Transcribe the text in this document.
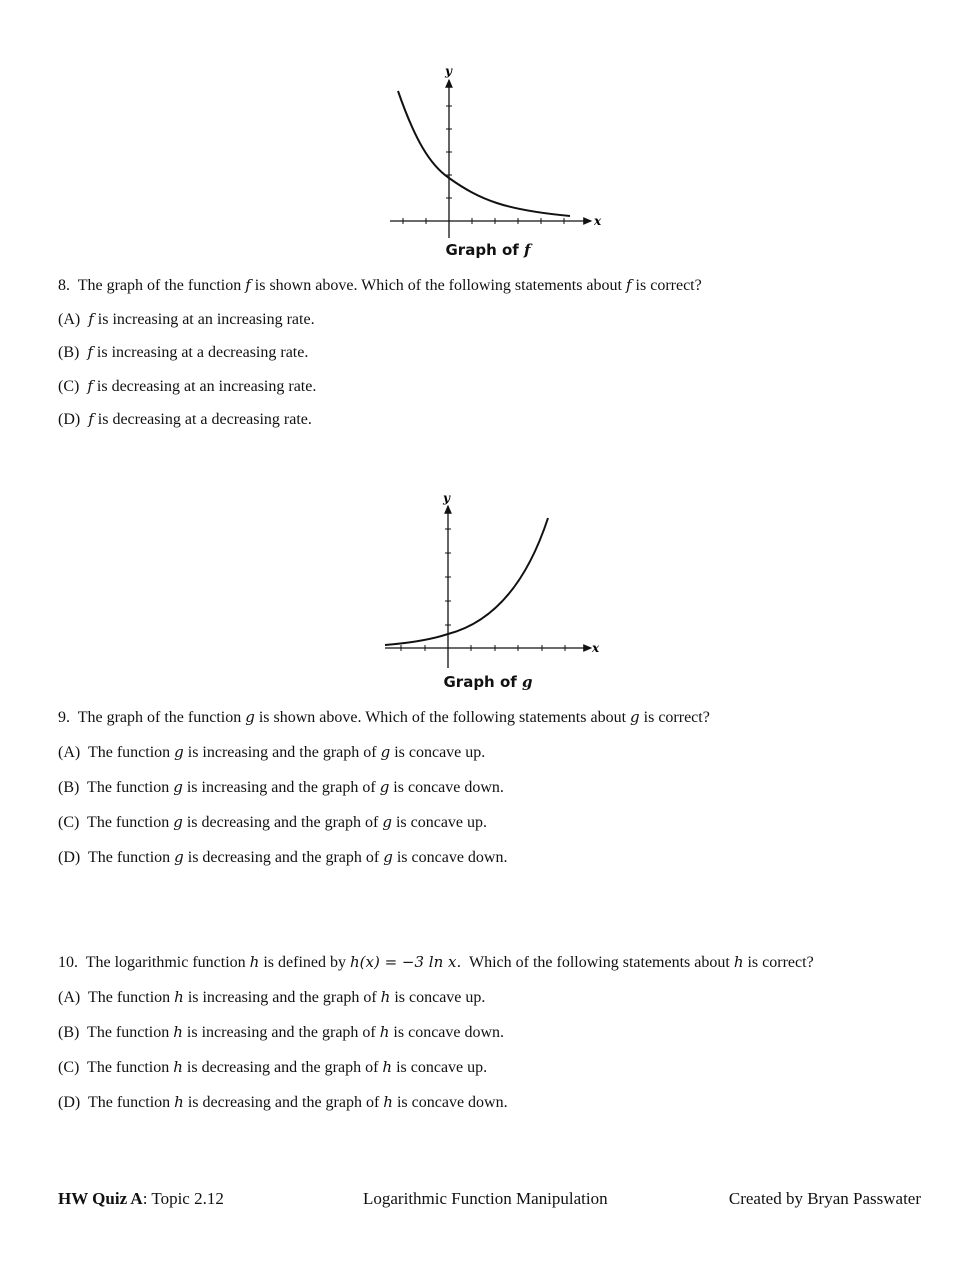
x
y
Graph of f
8. The graph of the function f is shown above. Which of the following statements about f is correct?
(A) f is increasing at an increasing rate.
(B) f is increasing at a decreasing rate.
(C) f is decreasing at an increasing rate.
(D) f is decreasing at a decreasing rate.
x
y
Graph of g
9. The graph of the function g is shown above. Which of the following statements about g is correct?
(A) The function g is increasing and the graph of g is concave up.
(B) The function g is increasing and the graph of g is concave down.
(C) The function g is decreasing and the graph of g is concave up.
(D) The function g is decreasing and the graph of g is concave down.
10. The logarithmic function h is defined by h(x) = −3 ln x. Which of the following statements about h is correct?
(A) The function h is increasing and the graph of h is concave up.
(B) The function h is increasing and the graph of h is concave down.
(C) The function h is decreasing and the graph of h is concave up.
(D) The function h is decreasing and the graph of h is concave down.
HW Quiz A: Topic 2.12	Logarithmic Function Manipulation	Created by Bryan Passwater
